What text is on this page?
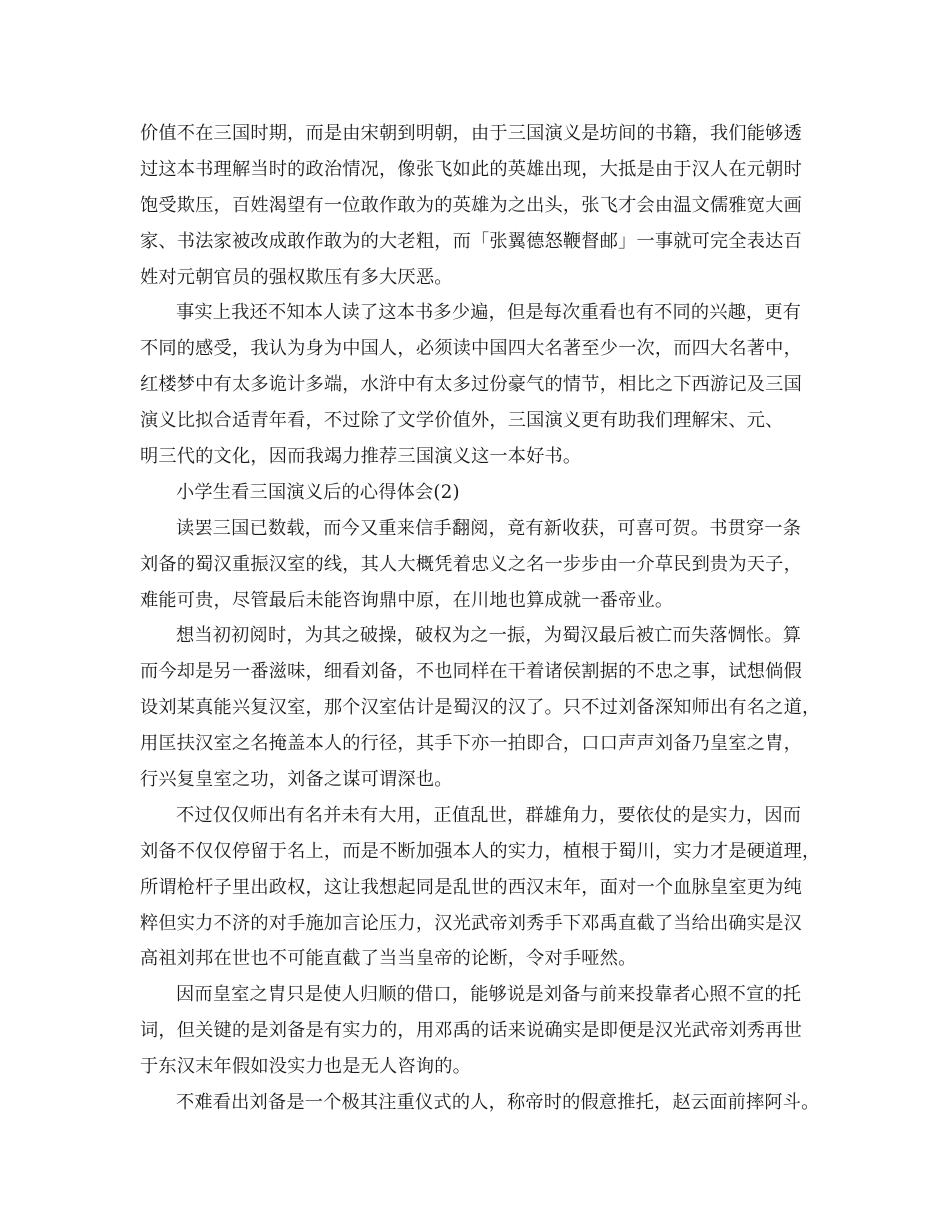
价值不在三国时期，而是由宋朝到明朝，由于三国演义是坊间的书籍，我们能够透
过这本书理解当时的政治情况，像张飞如此的英雄出现，大抵是由于汉人在元朝时
饱受欺压，百姓渴望有一位敢作敢为的英雄为之出头，张飞才会由温文儒雅宽大画
家、书法家被改成敢作敢为的大老粗，而「张翼德怒鞭督邮」一事就可完全表达百
姓对元朝官员的强权欺压有多大厌恶。
事实上我还不知本人读了这本书多少遍，但是每次重看也有不同的兴趣，更有
不同的感受，我认为身为中国人，必须读中国四大名著至少一次，而四大名著中，
红楼梦中有太多诡计多端，水浒中有太多过份豪气的情节，相比之下西游记及三国
演义比拟合适青年看，不过除了文学价值外，三国演义更有助我们理解宋、元、
明三代的文化，因而我竭力推荐三国演义这一本好书。
小学生看三国演义后的心得体会(2)
读罢三国已数载，而今又重来信手翻阅，竟有新收获，可喜可贺。书贯穿一条
刘备的蜀汉重振汉室的线，其人大概凭着忠义之名一步步由一介草民到贵为天子，
难能可贵，尽管最后未能咨询鼎中原，在川地也算成就一番帝业。
想当初初阅时，为其之破操，破权为之一振，为蜀汉最后被亡而失落惆怅。算
而今却是另一番滋味，细看刘备，不也同样在干着诸侯割据的不忠之事，试想倘假
设刘某真能兴复汉室，那个汉室估计是蜀汉的汉了。只不过刘备深知师出有名之道，
用匡扶汉室之名掩盖本人的行径，其手下亦一拍即合，口口声声刘备乃皇室之胄，
行兴复皇室之功，刘备之谋可谓深也。
不过仅仅师出有名并未有大用，正值乱世，群雄角力，要依仗的是实力，因而
刘备不仅仅停留于名上，而是不断加强本人的实力，植根于蜀川，实力才是硬道理，
所谓枪杆子里出政权，这让我想起同是乱世的西汉末年，面对一个血脉皇室更为纯
粹但实力不济的对手施加言论压力，汉光武帝刘秀手下邓禹直截了当给出确实是汉
高祖刘邦在世也不可能直截了当当皇帝的论断，令对手哑然。
因而皇室之胄只是使人归顺的借口，能够说是刘备与前来投靠者心照不宣的托
词，但关键的是刘备是有实力的，用邓禹的话来说确实是即便是汉光武帝刘秀再世
于东汉末年假如没实力也是无人咨询的。
不难看出刘备是一个极其注重仪式的人，称帝时的假意推托，赵云面前摔阿斗。
